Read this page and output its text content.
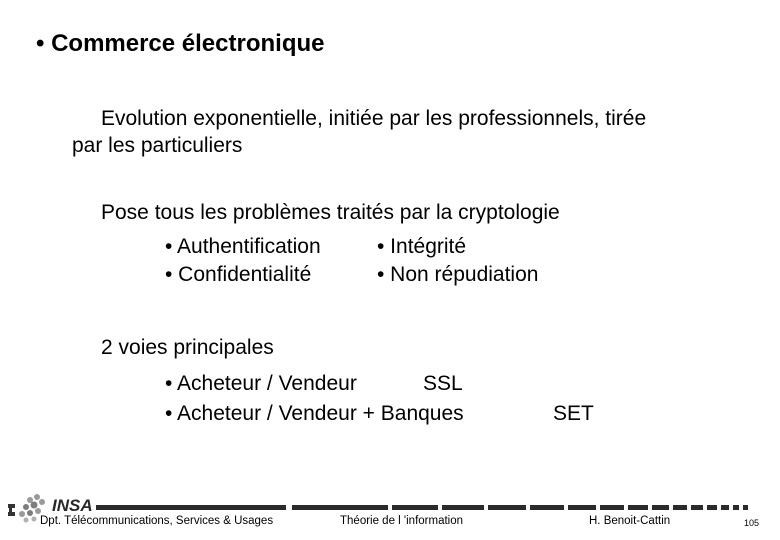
• Commerce électronique
Evolution exponentielle, initiée par les professionnels, tirée
par les particuliers
Pose tous les problèmes traités par la cryptologie
• Authentification	• Intégrité
• Confidentialité	• Non répudiation
2 voies principales
• Acheteur / Vendeur	SSL
• Acheteur / Vendeur + Banques	SET
INSA
Dpt. Télécommunications, Services & Usages	Théorie de l 'information	H. Benoit-Cattin	105
